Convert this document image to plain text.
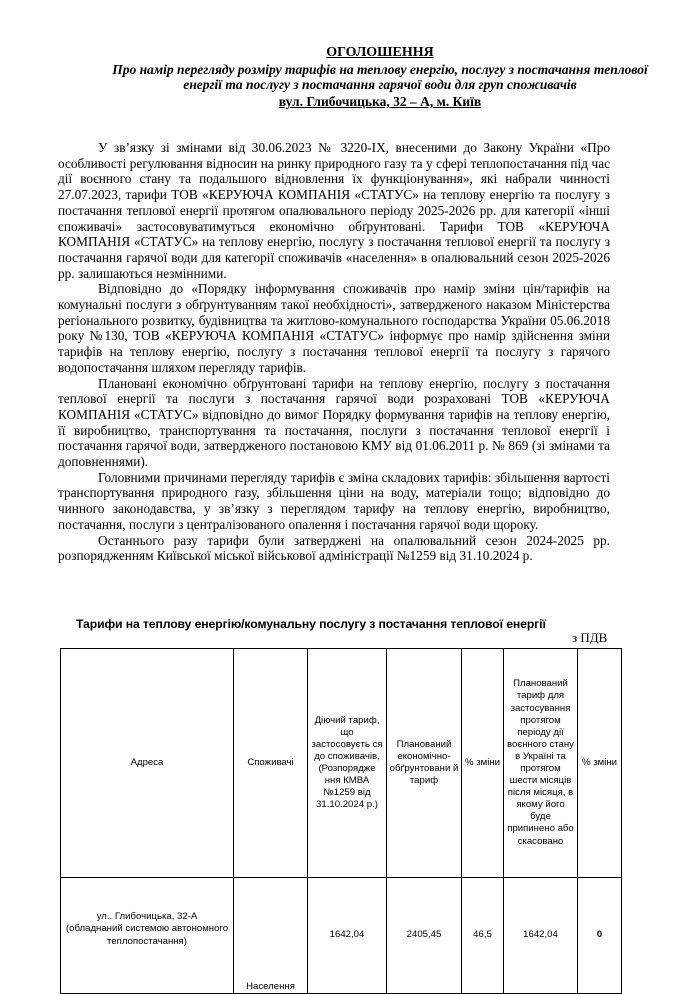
ОГОЛОШЕННЯ
Про намір перегляду розміру тарифів на теплову енергію, послугу з постачання теплової
енергії та послугу з постачання гарячої води для груп споживачів
вул. Глибочицька, 32 – А, м. Київ

У зв’язку зі змінами від 30.06.2023 № 3220-IX, внесеними до Закону України «Про особливості регулювання відносин на ринку природного газу та у сфері теплопостачання під час дії воєнного стану та подальшого відновлення їх функціонування», які набрали чинності 27.07.2023, тарифи ТОВ «КЕРУЮЧА КОМПАНІЯ «СТАТУС» на теплову енергію та послугу з постачання теплової енергії протягом опалювального періоду 2025-2026 рр. для категорії «інші споживачі» застосовуватимуться економічно обґрунтовані. Тарифи ТОВ «КЕРУЮЧА КОМПАНІЯ «СТАТУС» на теплову енергію, послугу з постачання теплової енергії та послугу з постачання гарячої води для категорії споживачів «населення» в опалювальний сезон 2025-2026 рр. залишаються незмінними.

Відповідно до «Порядку інформування споживачів про намір зміни цін/тарифів на комунальні послуги з обґрунтуванням такої необхідності», затвердженого наказом Міністерства регіонального розвитку, будівництва та житлово-комунального господарства України 05.06.2018 року №130, ТОВ «КЕРУЮЧА КОМПАНІЯ «СТАТУС» інформує про намір здійснення зміни тарифів на теплову енергію, послугу з постачання теплової енергії та послугу з гарячого водопостачання шляхом перегляду тарифів.

Плановані економічно обґрунтовані тарифи на теплову енергію, послугу з постачання теплової енергії та послуги з постачання гарячої води розраховані ТОВ «КЕРУЮЧА КОМПАНІЯ «СТАТУС» відповідно до вимог Порядку формування тарифів на теплову енергію, її виробництво, транспортування та постачання, послуги з постачання теплової енергії і постачання гарячої води, затвердженого постановою КМУ від 01.06.2011 р. № 869 (зі змінами та доповненнями).

Головними причинами перегляду тарифів є зміна складових тарифів: збільшення вартості транспортування природного газу, збільшення ціни на воду, матеріали тощо; відповідно до чинного законодавства, у зв’язку з переглядом тарифу на теплову енергію, виробництво, постачання, послуги з централізованого опалення і постачання гарячої води щороку.

Останнього разу тарифи були затверджені на опалювальний сезон 2024-2025 рр. розпорядженням Київської міської військової адміністрації №1259 від 31.10.2024 р.

Тарифи на теплову енергію/комунальну послугу з постачання теплової енергії
з ПДВ
Адреса	Споживачі	Діючий тариф, що застосовуєть ся до споживачів, (Розпорядже ння КМВА №1259 від 31.10.2024 р.)	Планований економічно-обґрунтовани й тариф	% зміни	Планований тариф для застосування протягом періоду дії воєнного стану в Україні та протягом шести місяців після місяця, в якому його буде припинено або скасовано	% зміни

ул.. Глибочицька, 32-А
(обладнаний системою автономного теплопостачання)	Населення	1642,04	2405,45	46,5	1642,04	0
